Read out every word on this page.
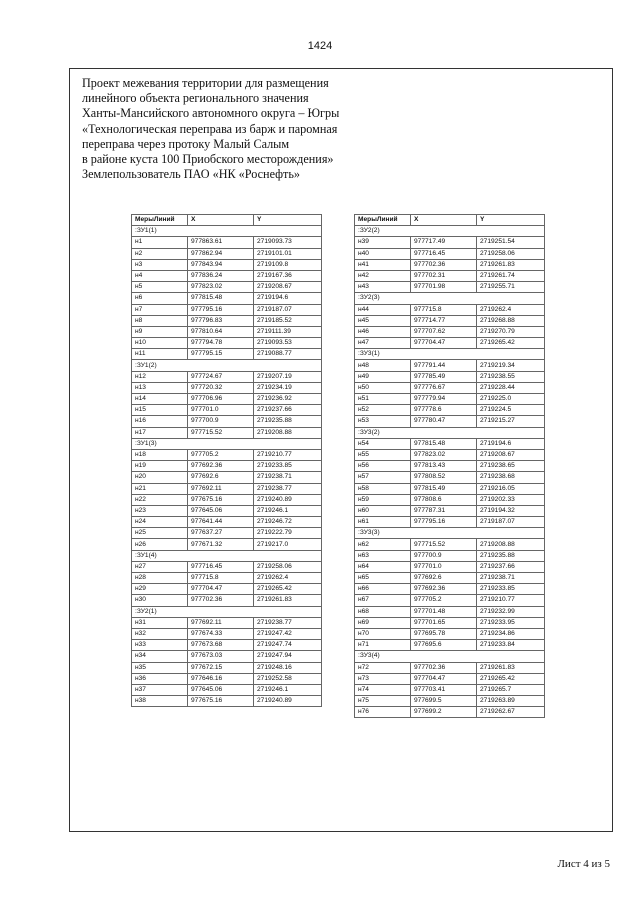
1424
Проект межевания территории для размещения
линейного объекта регионального значения
Ханты-Мансийского автономного округа – Югры
«Технологическая переправа из барж и паромная
переправа через протоку Малый Салым
в районе куста 100 Приобского месторождения»
Землепользователь ПАО «НК «Роснефть»
МерыЛиний	X	Y
:ЗУ1(1)		
н1	977863.61	2719093.73
н2	977862.94	2719101.01
н3	977843.94	2719109.8
н4	977836.24	2719167.36
н5	977823.02	2719208.67
н6	977815.48	2719194.6
н7	977795.16	2719187.07
н8	977796.83	2719185.52
н9	977810.64	2719111.39
н10	977794.78	2719093.53
н11	977795.15	2719088.77
:ЗУ1(2)		
н12	977724.67	2719207.19
н13	977720.32	2719234.19
н14	977706.96	2719236.92
н15	977701.0	2719237.66
н16	977700.9	2719235.88
н17	977715.52	2719208.88
:ЗУ1(3)		
н18	977705.2	2719210.77
н19	977692.36	2719233.85
н20	977692.6	2719238.71
н21	977692.11	2719238.77
н22	977675.16	2719240.89
н23	977645.06	2719246.1
н24	977641.44	2719246.72
н25	977637.27	2719222.79
н26	977671.32	2719217.0
:ЗУ1(4)		
н27	977716.45	2719258.06
н28	977715.8	2719262.4
н29	977704.47	2719265.42
н30	977702.36	2719261.83
:ЗУ2(1)		
н31	977692.11	2719238.77
н32	977674.33	2719247.42
н33	977673.68	2719247.74
н34	977673.03	2719247.94
н35	977672.15	2719248.16
н36	977646.16	2719252.58
н37	977645.06	2719246.1
н38	977675.16	2719240.89
МерыЛиний	X	Y
:ЗУ2(2)		
н39	977717.49	2719251.54
н40	977716.45	2719258.06
н41	977702.36	2719261.83
н42	977702.31	2719261.74
н43	977701.98	2719255.71
:ЗУ2(3)		
н44	977715.8	2719262.4
н45	977714.77	2719268.88
н46	977707.62	2719270.79
н47	977704.47	2719265.42
:ЗУ3(1)		
н48	977791.44	2719219.34
н49	977785.49	2719238.55
н50	977776.67	2719228.44
н51	977779.94	2719225.0
н52	977778.6	2719224.5
н53	977780.47	2719215.27
:ЗУ3(2)		
н54	977815.48	2719194.6
н55	977823.02	2719208.67
н56	977813.43	2719238.65
н57	977808.52	2719238.68
н58	977815.49	2719216.05
н59	977808.6	2719202.33
н60	977787.31	2719194.32
н61	977795.16	2719187.07
:ЗУ3(3)		
н62	977715.52	2719208.88
н63	977700.9	2719235.88
н64	977701.0	2719237.66
н65	977692.6	2719238.71
н66	977692.36	2719233.85
н67	977705.2	2719210.77
н68	977701.48	2719232.99
н69	977701.65	2719233.95
н70	977695.78	2719234.86
н71	977695.6	2719233.84
:ЗУ3(4)		
н72	977702.36	2719261.83
н73	977704.47	2719265.42
н74	977703.41	2719265.7
н75	977699.5	2719263.89
н76	977699.2	2719262.67
Лист 4 из 5
